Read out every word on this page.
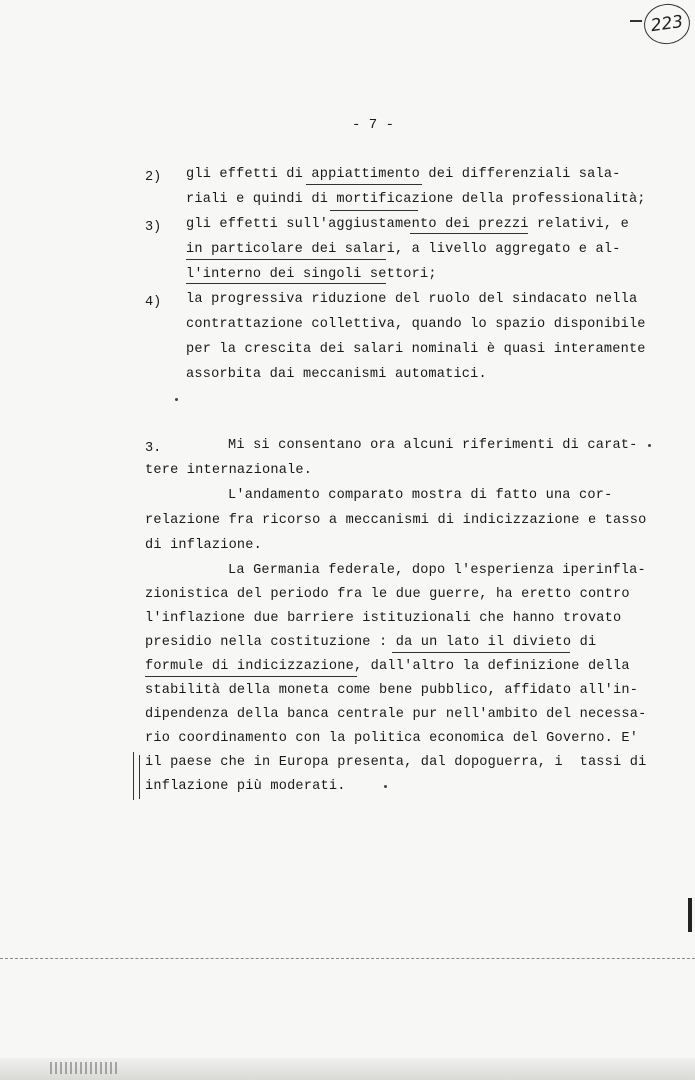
223
- 7 -
2) gli effetti di appiattimento dei differenziali sala-
riali e quindi di mortificazione della professionalità;
3) gli effetti sull'aggiustamento dei prezzi relativi, e
in particolare dei salari, a livello aggregato e al-
l'interno dei singoli settori;
4) la progressiva riduzione del ruolo del sindacato nella
contrattazione collettiva, quando lo spazio disponibile
per la crescita dei salari nominali è quasi interamente
assorbita dai meccanismi automatici.
3.	Mi si consentano ora alcuni riferimenti di carat-
tere internazionale.
L'andamento comparato mostra di fatto una cor-
relazione fra ricorso a meccanismi di indicizzazione e tasso
di inflazione.
La Germania federale, dopo l'esperienza iperinfla-
zionistica del periodo fra le due guerre, ha eretto contro
l'inflazione due barriere istituzionali che hanno trovato
presidio nella costituzione : da un lato il divieto di
formule di indicizzazione, dall'altro la definizione della
stabilità della moneta come bene pubblico, affidato all'in-
dipendenza della banca centrale pur nell'ambito del necessa-
rio coordinamento con la politica economica del Governo. E'
il paese che in Europa presenta, dal dopoguerra, i  tassi di
inflazione più moderati.
